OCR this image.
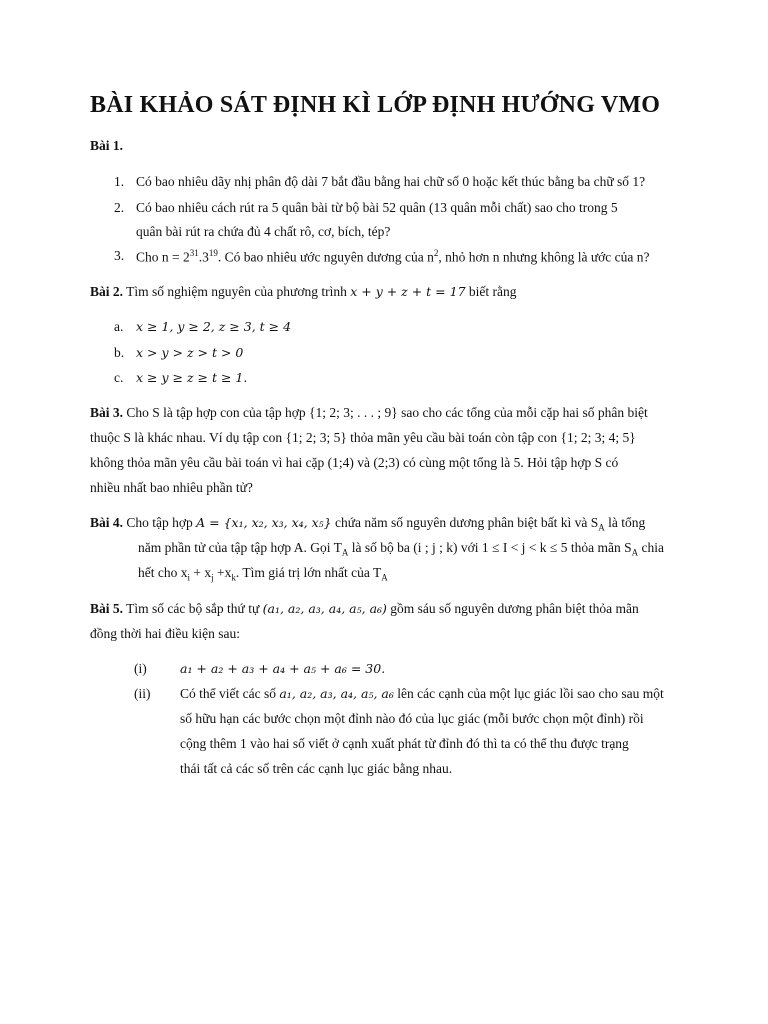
BÀI KHẢO SÁT ĐỊNH KÌ LỚP ĐỊNH HƯỚNG VMO
Bài 1.
1. Có bao nhiêu dãy nhị phân độ dài 7 bắt đầu bằng hai chữ số 0 hoặc kết thúc bằng ba chữ số 1?
2. Có bao nhiêu cách rút ra 5 quân bài từ bộ bài 52 quân (13 quân mỗi chất) sao cho trong 5
quân bài rút ra chứa đủ 4 chất rô, cơ, bích, tép?
3. Cho $n = 2^{31}.3^{19}$. Có bao nhiêu ước nguyên dương của $n^2$, nhỏ hơn n nhưng không là ước của n?
Bài 2. Tìm số nghiệm nguyên của phương trình x + y + z + t = 17 biết rằng
a. x ≥ 1, y ≥ 2, z ≥ 3, t ≥ 4
b. x > y > z > t > 0
c. x ≥ y ≥ z ≥ t ≥ 1.
Bài 3. Cho S là tập hợp con của tập hợp {1; 2; 3; . . . ; 9} sao cho các tổng của mỗi cặp hai số phân biệt
thuộc S là khác nhau. Ví dụ tập con {1; 2; 3; 5} thỏa mãn yêu cầu bài toán còn tập con {1; 2; 3; 4; 5}
không thỏa mãn yêu cầu bài toán vì hai cặp (1;4) và (2;3) có cùng một tổng là 5. Hỏi tập hợp S có
nhiều nhất bao nhiêu phần tử?
Bài 4. Cho tập hợp A = {x₁, x₂, x₃, x₄, x₅} chứa năm số nguyên dương phân biệt bất kì và $S_A$ là tổng
năm phần tử của tập tập hợp A. Gọi $T_A$ là số bộ ba (i ; j ; k) với 1 ≤ I < j < k ≤ 5 thỏa mãn $S_A$ chia
hết cho $x_i + x_j +x_k$. Tìm giá trị lớn nhất của $T_A$
Bài 5. Tìm số các bộ sắp thứ tự (a₁, a₂, a₃, a₄, a₅, a₆) gồm sáu số nguyên dương phân biệt thỏa mãn
đồng thời hai điều kiện sau:
(i)	a₁ + a₂ + a₃ + a₄ + a₅ + a₆ = 30.
(ii) Có thể viết các số a₁, a₂, a₃, a₄, a₅, a₆ lên các cạnh của một lục giác lồi sao cho sau một
số hữu hạn các bước chọn một đỉnh nào đó của lục giác (mỗi bước chọn một đỉnh) rồi
cộng thêm 1 vào hai số viết ở cạnh xuất phát từ đỉnh đó thì ta có thể thu được trạng
thái tất cả các số trên các cạnh lục giác bằng nhau.
